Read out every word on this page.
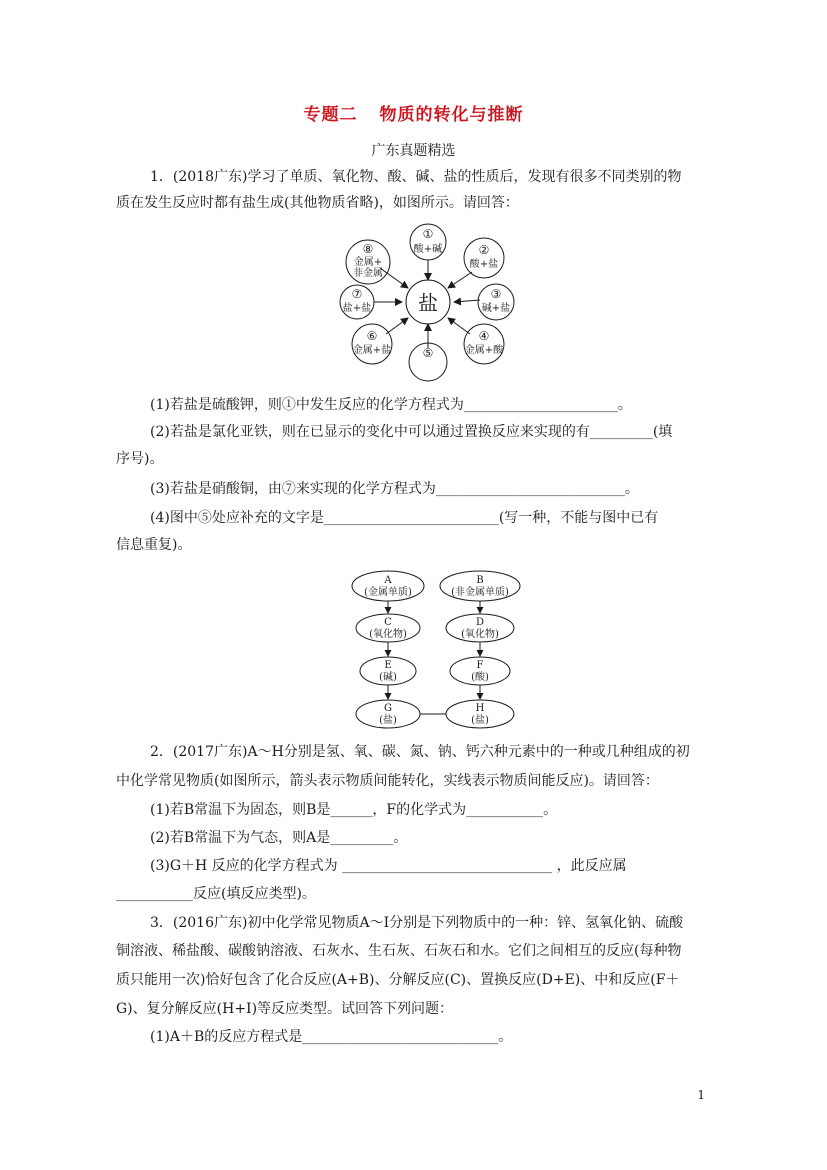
专题二 物质的转化与推断
广东真题精选
1．(2018广东)学习了单质、氧化物、酸、碱、盐的性质后，发现有很多不同类别的物
质在发生反应时都有盐生成(其他物质省略)，如图所示。请回答：
盐
①
酸+碱	②
酸+盐
③
碱+盐
④
金属+酸
⑤
⑥
金属+盐
⑦
盐+盐
⑧
金属+
非金属
(1)若盐是硫酸钾，则①中发生反应的化学方程式为______________________。
(2)若盐是氯化亚铁，则在已显示的变化中可以通过置换反应来实现的有_________(填
序号)。
(3)若盐是硝酸铜，由⑦来实现的化学方程式为___________________________。
(4)图中⑤处应补充的文字是_________________________(写一种，不能与图中已有
信息重复)。
A
(金属单质)
B
(非金属单质)
C
(氧化物)
D
(氧化物)
E
(碱)
F
(酸)
G
(盐)
H
(盐)
2．(2017广东)A～H分别是氢、氧、碳、氮、钠、钙六种元素中的一种或几种组成的初
中化学常见物质(如图所示，箭头表示物质间能转化，实线表示物质间能反应)。请回答：
(1)若B常温下为固态，则B是______，F的化学式为___________。
(2)若B常温下为气态，则A是_________。
(3)G＋H 反应的化学方程式为 ______________________________ ，此反应属
___________反应(填反应类型)。
3．(2016广东)初中化学常见物质A～I分别是下列物质中的一种：锌、氢氧化钠、硫酸
铜溶液、稀盐酸、碳酸钠溶液、石灰水、生石灰、石灰石和水。它们之间相互的反应(每种物
质只能用一次)恰好包含了化合反应(A+B)、分解反应(C)、置换反应(D+E)、中和反应(F＋
G)、复分解反应(H+I)等反应类型。试回答下列问题：
(1)A＋B的反应方程式是____________________________。
1
